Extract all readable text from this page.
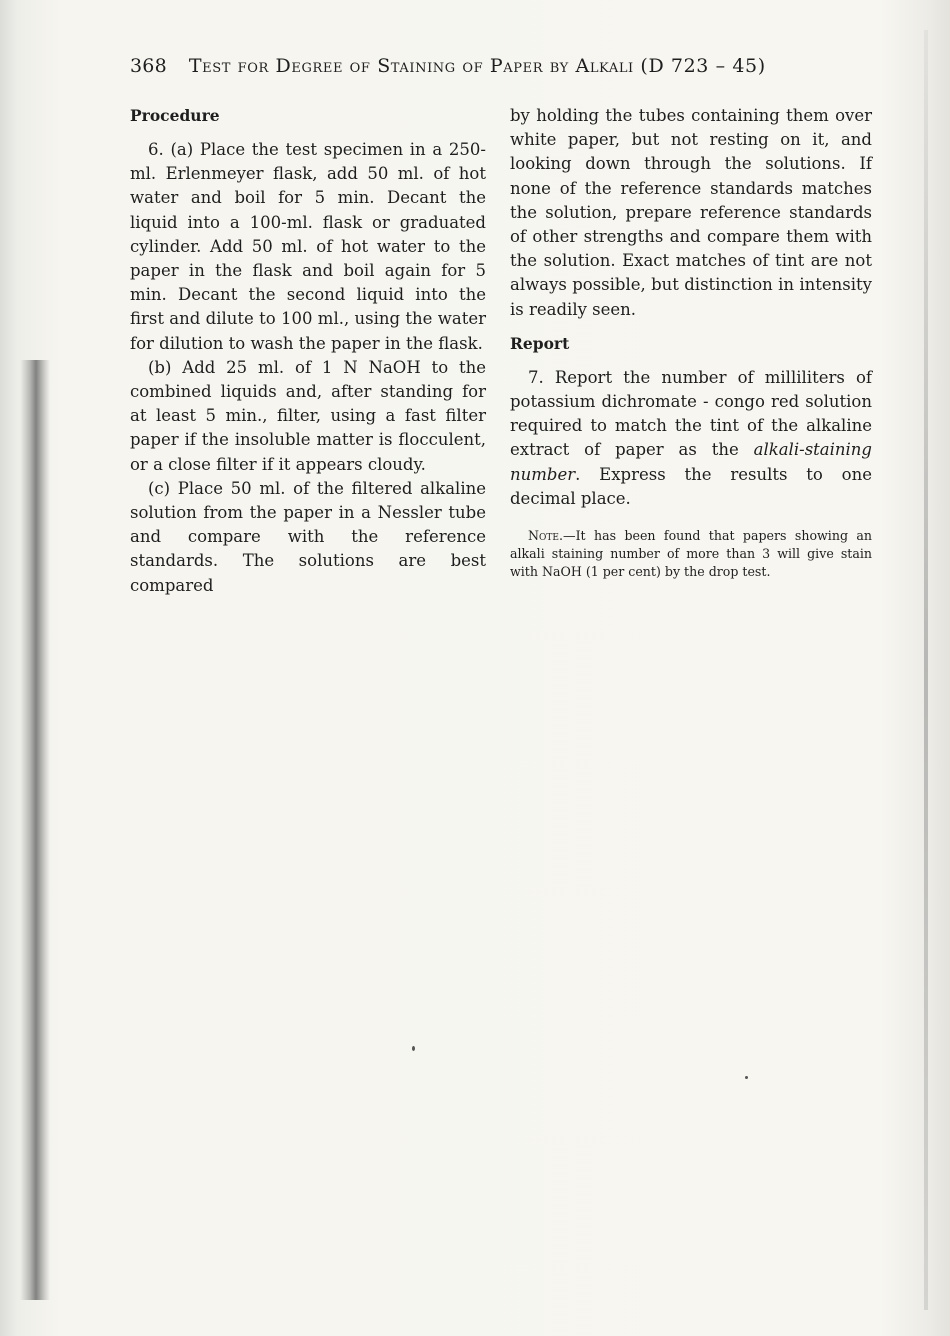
368 Test for Degree of Staining of Paper by Alkali (D 723 – 45)
Procedure

6. (a) Place the test specimen in a 250-ml. Erlenmeyer flask, add 50 ml. of hot water and boil for 5 min. Decant the liquid into a 100-ml. flask or graduated cylinder. Add 50 ml. of hot water to the paper in the flask and boil again for 5 min. Decant the second liquid into the first and dilute to 100 ml., using the water for dilution to wash the paper in the flask.

(b) Add 25 ml. of 1 N NaOH to the combined liquids and, after standing for at least 5 min., filter, using a fast filter paper if the insoluble matter is flocculent, or a close filter if it appears cloudy.

(c) Place 50 ml. of the filtered alkaline solution from the paper in a Nessler tube and compare with the reference standards. The solutions are best compared

by holding the tubes containing them over white paper, but not resting on it, and looking down through the solutions. If none of the reference standards matches the solution, prepare reference standards of other strengths and compare them with the solution. Exact matches of tint are not always possible, but distinction in intensity is readily seen.

Report

7. Report the number of milliliters of potassium dichromate - congo red solution required to match the tint of the alkaline extract of paper as the alkali-staining number. Express the results to one decimal place.

Note.—It has been found that papers showing an alkali staining number of more than 3 will give stain with NaOH (1 per cent) by the drop test.
